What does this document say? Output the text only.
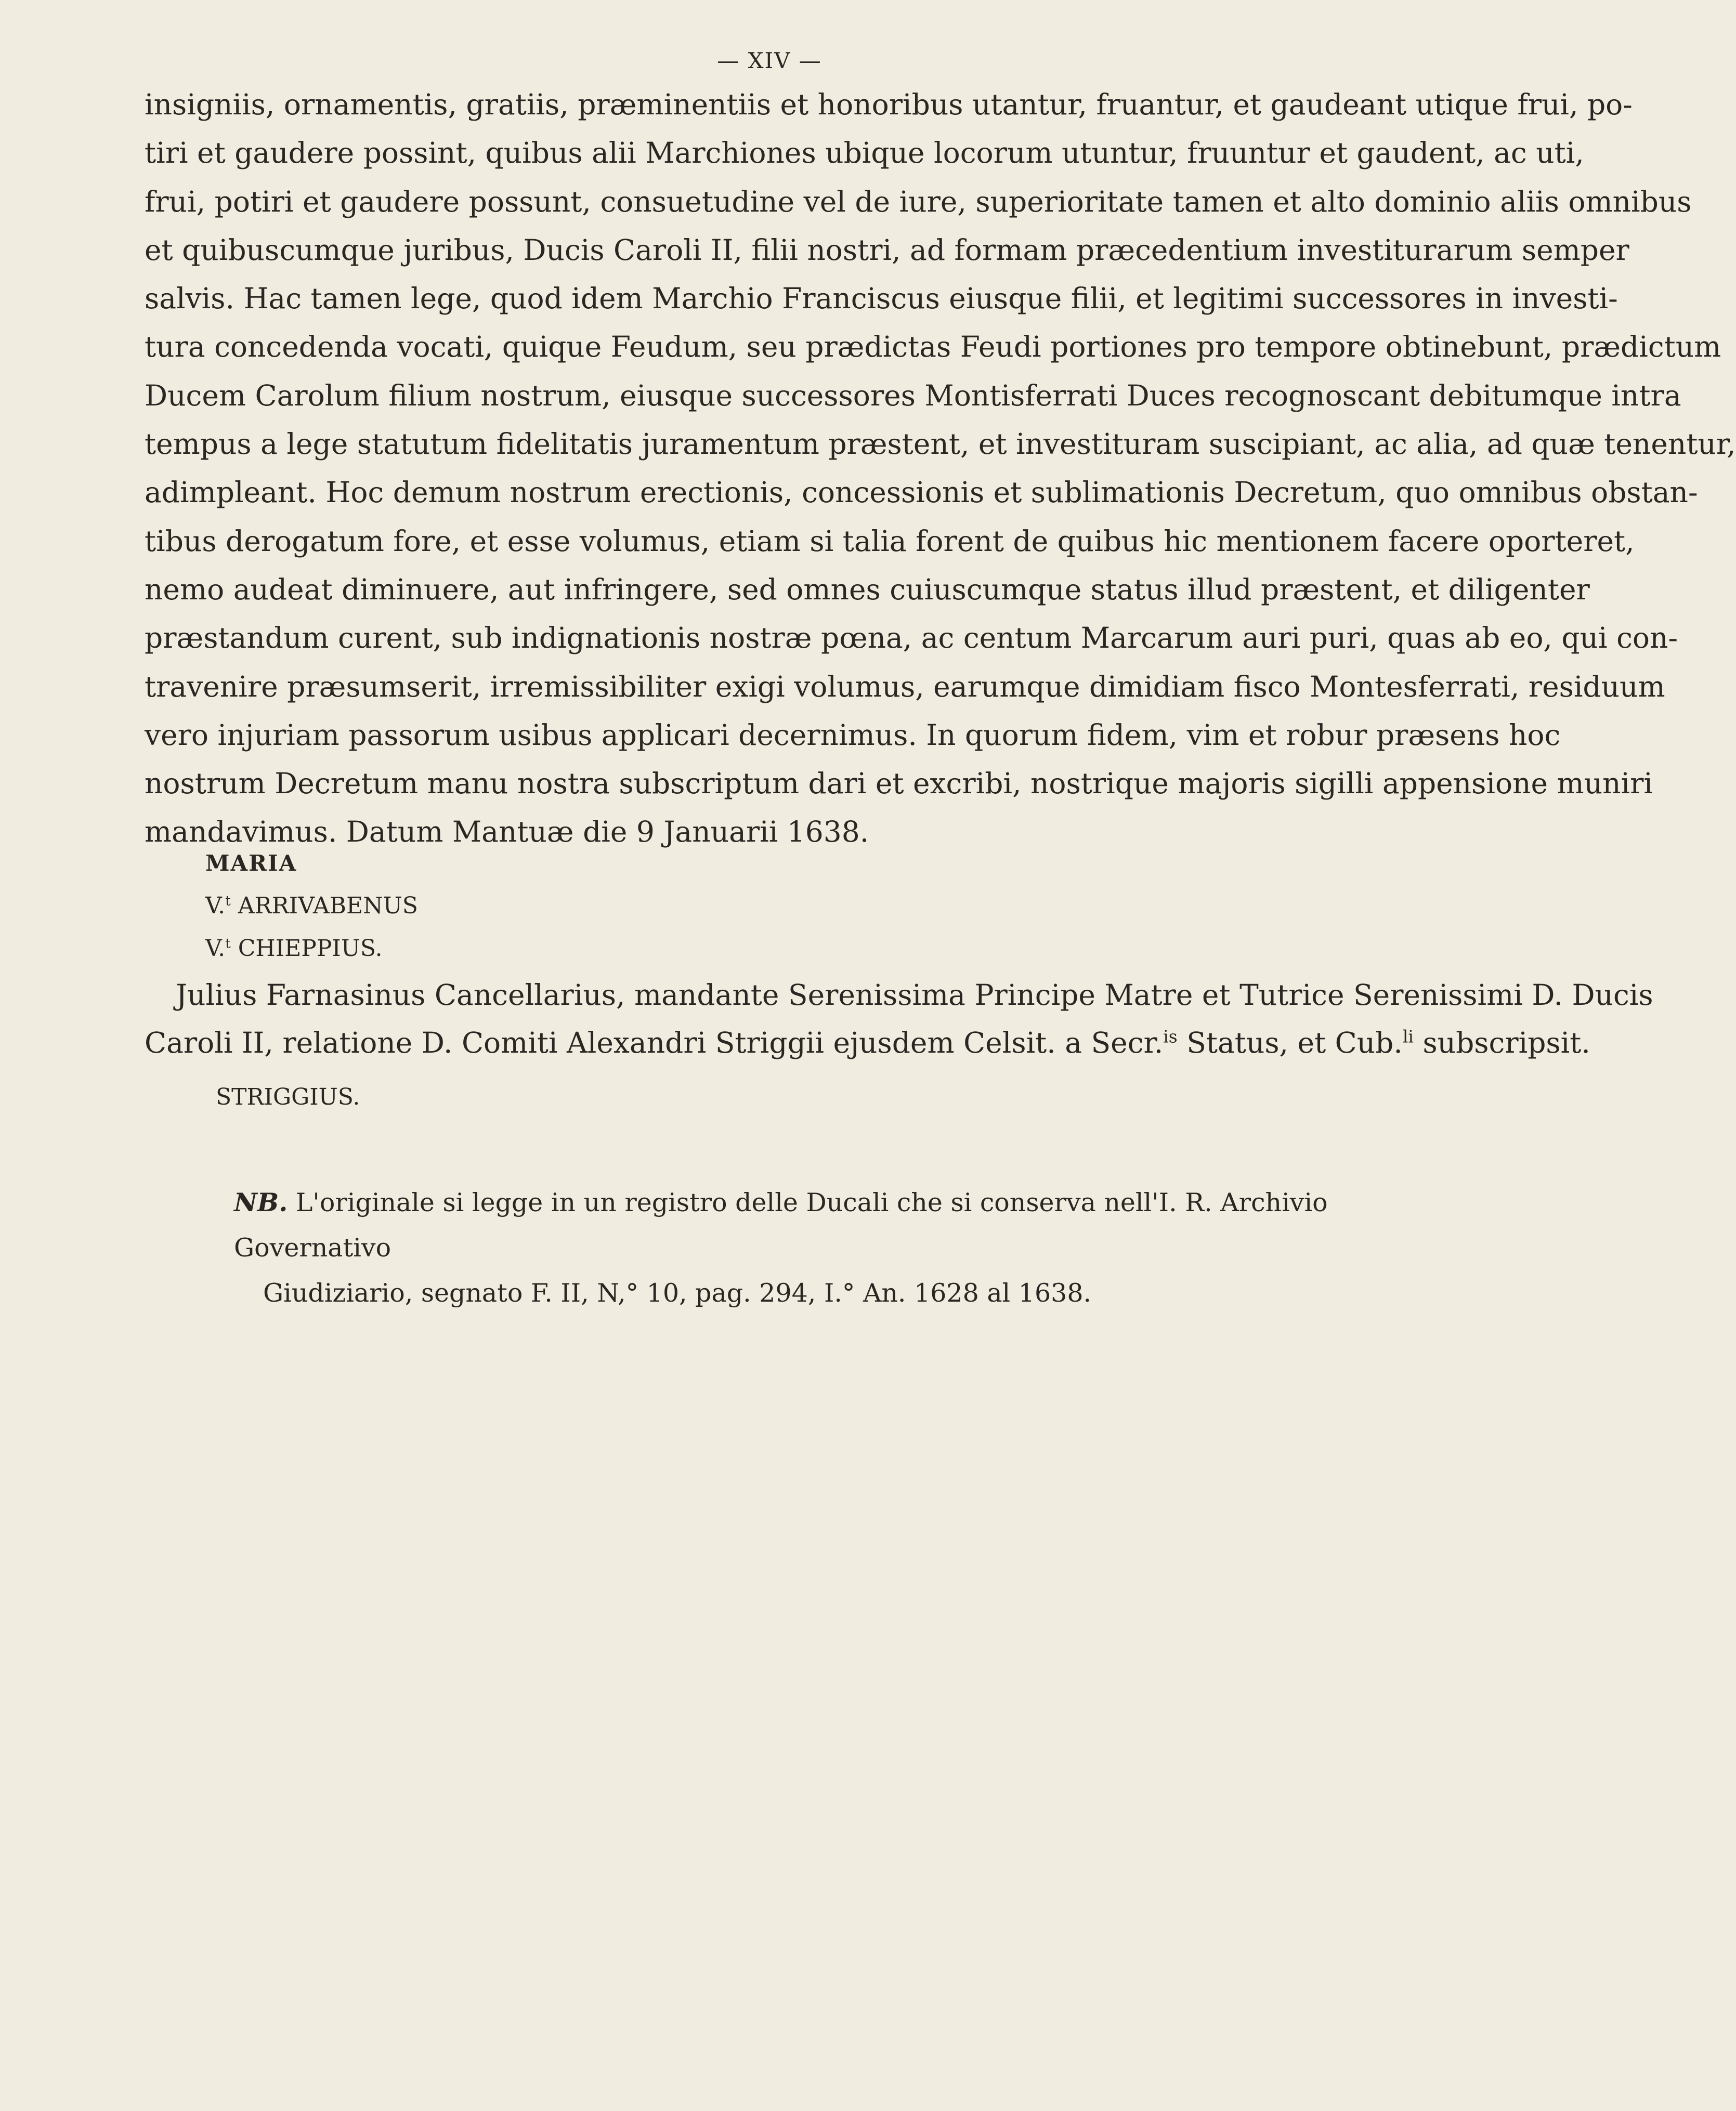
— XIV —
insigniis, ornamentis, gratiis, præminentiis et honoribus utantur, fruantur, et gaudeant utique frui, po-
tiri et gaudere possint, quibus alii Marchiones ubique locorum utuntur, fruuntur et gaudent, ac uti,
frui, potiri et gaudere possunt, consuetudine vel de iure, superioritate tamen et alto dominio aliis omnibus
et quibuscumque juribus, Ducis Caroli II, filii nostri, ad formam præcedentium investiturarum semper
salvis. Hac tamen lege, quod idem Marchio Franciscus eiusque filii, et legitimi successores in investi-
tura concedenda vocati, quique Feudum, seu prædictas Feudi portiones pro tempore obtinebunt, prædictum
Ducem Carolum filium nostrum, eiusque successores Montisferrati Duces recognoscant debitumque intra
tempus a lege statutum fidelitatis juramentum præstent, et investituram suscipiant, ac alia, ad quæ tenentur,
adimpleant. Hoc demum nostrum erectionis, concessionis et sublimationis Decretum, quo omnibus obstan-
tibus derogatum fore, et esse volumus, etiam si talia forent de quibus hic mentionem facere oporteret,
nemo audeat diminuere, aut infringere, sed omnes cuiuscumque status illud præstent, et diligenter
præstandum curent, sub indignationis nostræ pœna, ac centum Marcarum auri puri, quas ab eo, qui con-
travenire præsumserit, irremissibiliter exigi volumus, earumque dimidiam fisco Montesferrati, residuum
vero injuriam passorum usibus applicari decernimus. In quorum fidem, vim et robur præsens hoc
nostrum Decretum manu nostra subscriptum dari et excribi, nostrique majoris sigilli appensione muniri
mandavimus. Datum Mantuæ die 9 Januarii 1638.
MARIA
V.$^t$ ARRIVABENUS
V.$^t$ CHIEPPIUS.
Julius Farnasinus Cancellarius, mandante Serenissima Principe Matre et Tutrice Serenissimi D. Ducis
Caroli II, relatione D. Comiti Alexandri Striggii ejusdem Celsit. a Secr.$^{is}$ Status, et Cub.$^{li}$ subscripsit.
STRIGGIUS.
NB. L'originale si legge in un registro delle Ducali che si conserva nell'I. R. Archivio Governativo
Giudiziario, segnato F. II, N,° 10, pag. 294, I.° An. 1628 al 1638.
